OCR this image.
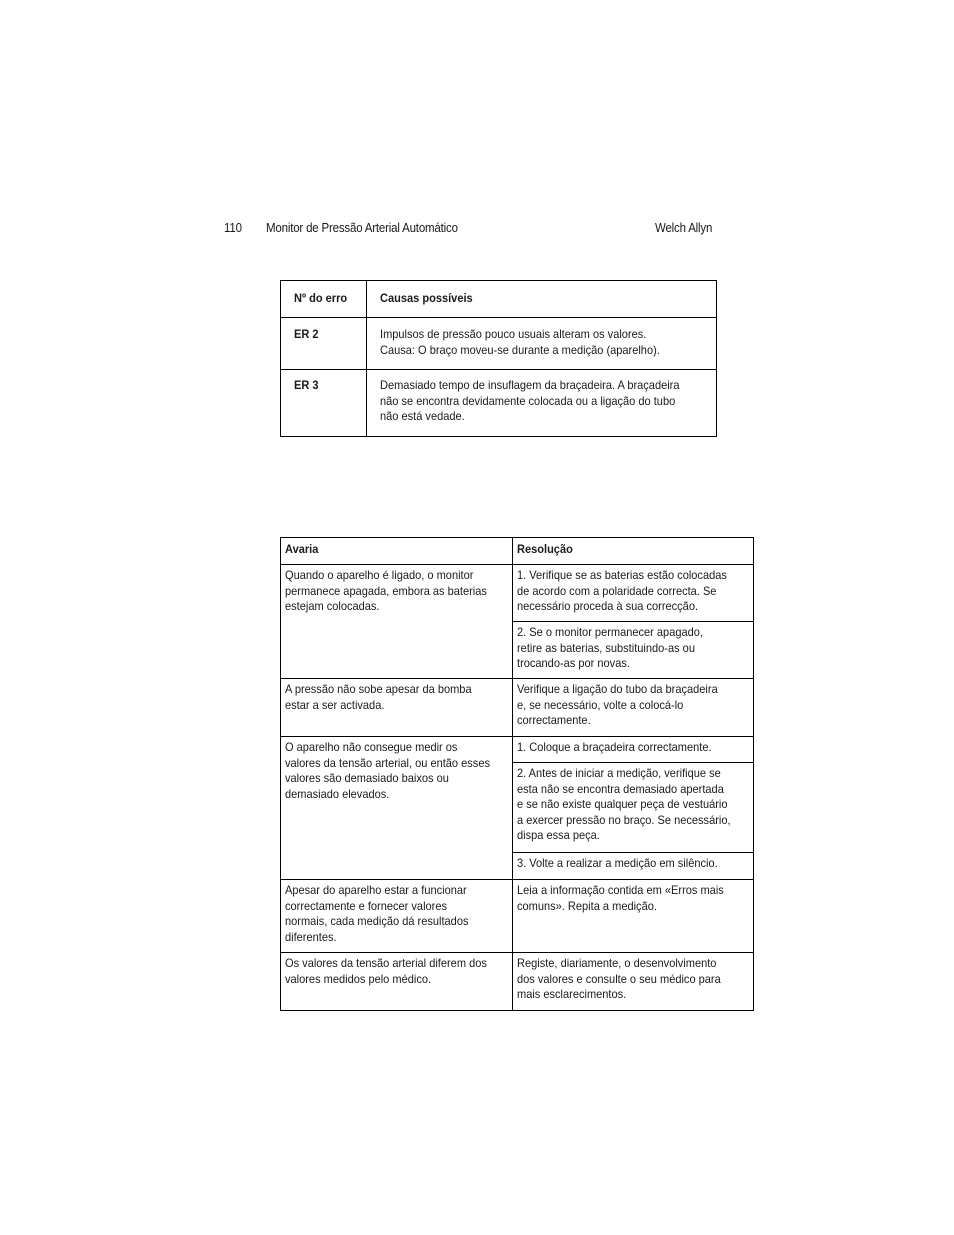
110 Monitor de Pressão Arterial Automático	Welch Allyn
Nº do erro	Causas possíveis

ER 2	Impulsos de pressão pouco usuais alteram os valores.
Causa: O braço moveu-se durante a medição (aparelho).

ER 3	Demasiado tempo de insuflagem da braçadeira. A braçadeira
não se encontra devidamente colocada ou a ligação do tubo
não está vedade.
Avaria	Resolução

Quando o aparelho é ligado, o monitor
permanece apagada, embora as baterias
estejam colocadas.	1. Verifique se as baterias estão colocadas
de acordo com a polaridade correcta. Se
necessário proceda à sua correcção.

	2. Se o monitor permanecer apagado,
retire as baterias, substituindo-as ou
trocando-as por novas.

A pressão não sobe apesar da bomba
estar a ser activada.	Verifique a ligação do tubo da braçadeira
e, se necessário, volte a colocá-lo
correctamente.

O aparelho não consegue medir os
valores da tensão arterial, ou então esses
valores são demasiado baixos ou
demasiado elevados.	1. Coloque a braçadeira correctamente.

	2. Antes de iniciar a medição, verifique se
esta não se encontra demasiado apertada
e se não existe qualquer peça de vestuário
a exercer pressão no braço. Se necessário,
dispa essa peça.

	3. Volte a realizar a medição em silêncio.

Apesar do aparelho estar a funcionar
correctamente e fornecer valores
normais, cada medição dá resultados
diferentes.	Leia a informação contida em «Erros mais
comuns». Repita a medição.

Os valores da tensão arterial diferem dos
valores medidos pelo médico.	Registe, diariamente, o desenvolvimento
dos valores e consulte o seu médico para
mais esclarecimentos.
